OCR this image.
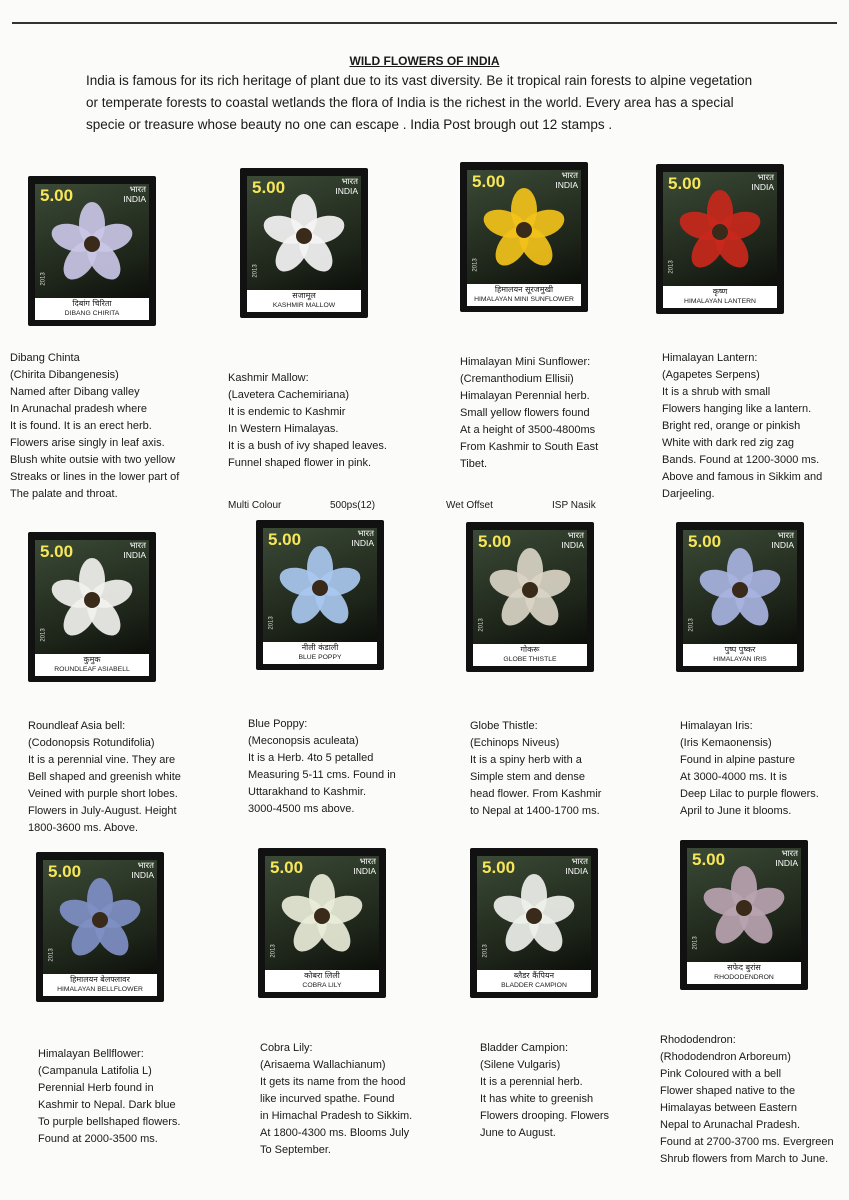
WILD FLOWERS OF INDIA
India is famous for its rich heritage of plant due to its vast diversity. Be it tropical rain forests to alpine vegetation or temperate forests to coastal wetlands the flora of India is the richest in the world. Every area has a special specie or treasure whose beauty no one can escape . India Post brough out 12 stamps .
5.00	भारत
INDIA
2013
दिबांग चिरिता
DIBANG CHIRITA
5.00	भारत
INDIA
2013
सजामूल
KASHMIR MALLOW
5.00	भारत
INDIA
2013
हिमालयन सूरजमुखी
HIMALAYAN MINI SUNFLOWER
5.00	भारत
INDIA
2013
कृष्ण
HIMALAYAN LANTERN
5.00	भारत
INDIA
2013
कुमुक
ROUNDLEAF ASIABELL
5.00	भारत
INDIA
2013
नीली कंडाली
BLUE POPPY
5.00	भारत
INDIA
2013
गोकरू
GLOBE THISTLE
5.00	भारत
INDIA
2013
पुष्प पुष्कर
HIMALAYAN IRIS
5.00	भारत
INDIA
2013
हिमालयन बेलफ्लावर
HIMALAYAN BELLFLOWER
5.00	भारत
INDIA
2013
कोबरा लिली
COBRA LILY
5.00	भारत
INDIA
2013
ब्लैडर कैंपियन
BLADDER CAMPION
5.00	भारत
INDIA
2013
सफेद बुरांस
RHODODENDRON
Dibang Chinta
(Chirita Dibangenesis)
Named after Dibang valley
In Arunachal pradesh where
It is found. It is an erect herb.
Flowers arise singly in leaf axis.
Blush white outsie with two yellow
Streaks or lines in the lower part of
The palate and throat.
Kashmir Mallow:
(Lavetera Cachemiriana)
It is endemic to Kashmir
In Western Himalayas.
It is a bush of ivy shaped leaves.
Funnel shaped flower in pink.
Himalayan Mini Sunflower:
(Cremanthodium Ellisii)
Himalayan Perennial herb.
Small yellow flowers found
At a height of 3500-4800ms
From Kashmir to South East
Tibet.
Himalayan Lantern:
(Agapetes Serpens)
It is a shrub with small
Flowers hanging like a lantern.
Bright red, orange or pinkish
White with dark red zig zag
Bands. Found at 1200-3000 ms.
Above and famous in Sikkim and
Darjeeling.
Roundleaf Asia bell:
(Codonopsis Rotundifolia)
It is a perennial vine. They are
Bell shaped and greenish white
Veined with purple short lobes.
Flowers in July-August. Height
1800-3600 ms. Above.
Blue Poppy:
(Meconopsis aculeata)
It is a Herb. 4to 5 petalled
Measuring 5-11 cms. Found in
Uttarakhand to Kashmir.
3000-4500 ms above.
Globe Thistle:
(Echinops Niveus)
It is a spiny herb with a
Simple stem and dense
head flower. From Kashmir
to Nepal at 1400-1700 ms.
Himalayan Iris:
(Iris Kemaonensis)
Found in alpine pasture
At 3000-4000 ms. It is
Deep Lilac to purple flowers.
April to June it blooms.
Himalayan Bellflower:
(Campanula Latifolia L)
Perennial Herb found in
Kashmir to Nepal. Dark blue
To purple bellshaped flowers.
Found at 2000-3500 ms.
Cobra Lily:
(Arisaema Wallachianum)
It gets its name from the hood
like incurved spathe. Found
in Himachal Pradesh to Sikkim.
At 1800-4300 ms. Blooms July
To September.
Bladder Campion:
(Silene Vulgaris)
It is a perennial herb.
It has white to greenish
Flowers drooping. Flowers
June to August.
Rhododendron:
(Rhododendron Arboreum)
Pink Coloured with a bell
Flower shaped native to the
Himalayas between Eastern
Nepal to Arunachal Pradesh.
Found at 2700-3700 ms. Evergreen
Shrub flowers from March to June.
Multi Colour	500ps(12)	Wet Offset	ISP Nasik
